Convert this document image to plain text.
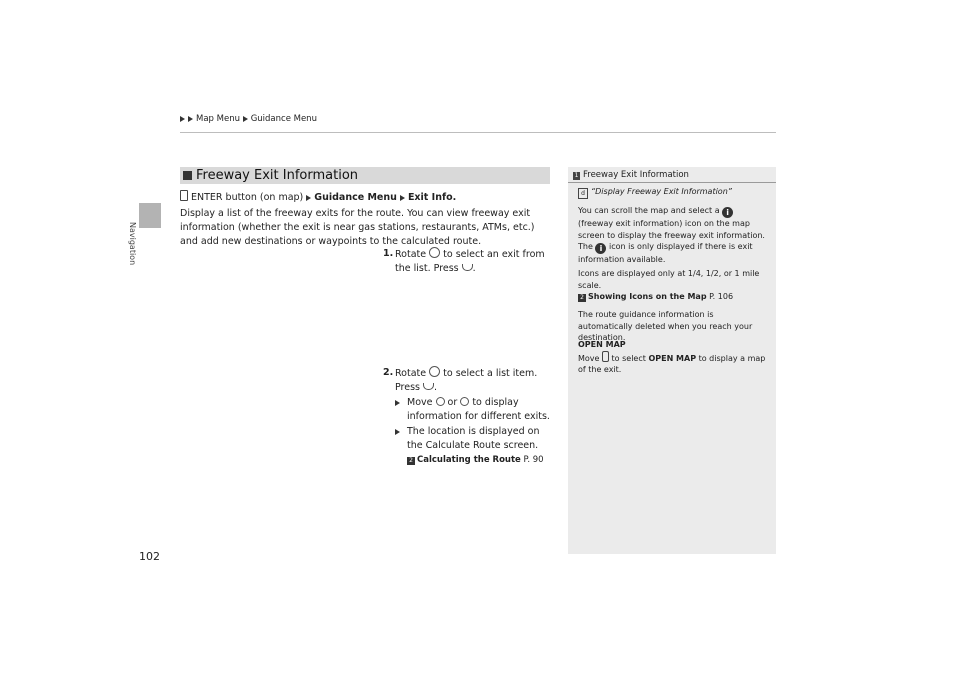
Map Menu Guidance Menu
Navigation
102
Freeway Exit Information
ENTER button (on map) Guidance Menu Exit Info.
Display a list of the freeway exits for the route. You can view freeway exit information (whether the exit is near gas stations, restaurants, ATMs, etc.) and add new destinations or waypoints to the calculated route.
1. Rotate to select an exit from the list. Press .
2. Rotate to select a list item. Press .
Move or to display information for different exits.
The location is displayed on the Calculate Route screen.
2 Calculating the Route P. 90
1 Freeway Exit Information
d “Display Freeway Exit Information”
You can scroll the map and select a i (freeway exit information) icon on the map screen to display the freeway exit information. The i icon is only displayed if there is exit information available.
Icons are displayed only at 1/4, 1/2, or 1 mile scale.
2 Showing Icons on the Map P. 106
The route guidance information is automatically deleted when you reach your destination.
OPEN MAP
Move to select OPEN MAP to display a map of the exit.
